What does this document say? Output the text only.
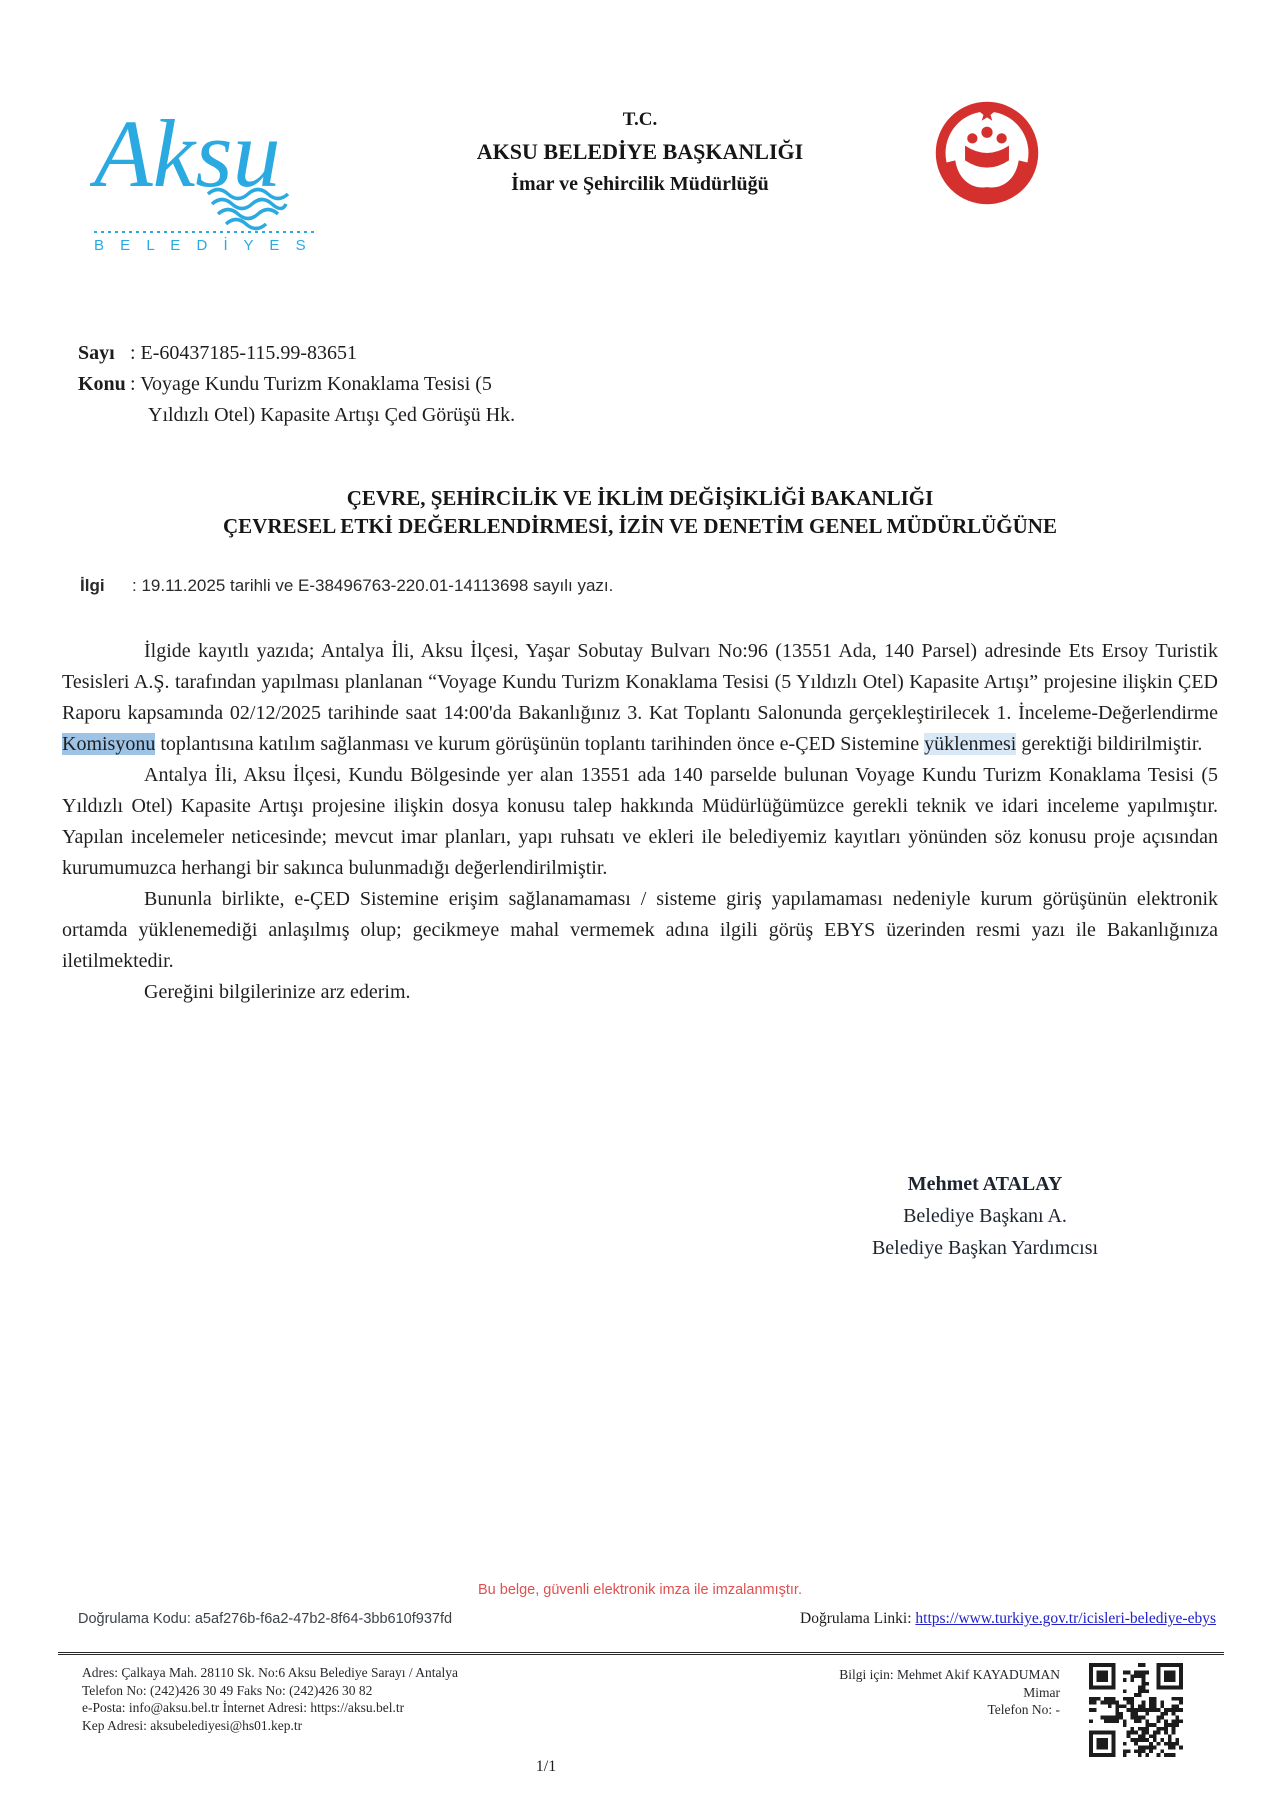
Aksu
B E L E D İ Y E S İ
T.C.
AKSU BELEDİYE BAŞKANLIĞI
İmar ve Şehircilik Müdürlüğü
Sayı : E-60437185-115.99-83651
Konu : Voyage Kundu Turizm Konaklama Tesisi (5
Yıldızlı Otel) Kapasite Artışı Çed Görüşü Hk.
ÇEVRE, ŞEHİRCİLİK VE İKLİM DEĞİŞİKLİĞİ BAKANLIĞI
ÇEVRESEL ETKİ DEĞERLENDİRMESİ, İZİN VE DENETİM GENEL MÜDÜRLÜĞÜNE
İlgi	: 19.11.2025 tarihli ve E-38496763-220.01-14113698 sayılı yazı.

İlgide kayıtlı yazıda; Antalya İli, Aksu İlçesi, Yaşar Sobutay Bulvarı No:96 (13551 Ada, 140 Parsel) adresinde Ets Ersoy Turistik Tesisleri A.Ş. tarafından yapılması planlanan “Voyage Kundu Turizm Konaklama Tesisi (5 Yıldızlı Otel) Kapasite Artışı” projesine ilişkin ÇED Raporu kapsamında 02/12/2025 tarihinde saat 14:00'da Bakanlığınız 3. Kat Toplantı Salonunda gerçekleştirilecek 1. İnceleme-Değerlendirme Komisyonu toplantısına katılım sağlanması ve kurum görüşünün toplantı tarihinden önce e-ÇED Sistemine yüklenmesi gerektiği bildirilmiştir.

Antalya İli, Aksu İlçesi, Kundu Bölgesinde yer alan 13551 ada 140 parselde bulunan Voyage Kundu Turizm Konaklama Tesisi (5 Yıldızlı Otel) Kapasite Artışı projesine ilişkin dosya konusu talep hakkında Müdürlüğümüzce gerekli teknik ve idari inceleme yapılmıştır. Yapılan incelemeler neticesinde; mevcut imar planları, yapı ruhsatı ve ekleri ile belediyemiz kayıtları yönünden söz konusu proje açısından kurumumuzca herhangi bir sakınca bulunmadığı değerlendirilmiştir.

Bununla birlikte, e-ÇED Sistemine erişim sağlanamaması / sisteme giriş yapılamaması nedeniyle kurum görüşünün elektronik ortamda yüklenemediği anlaşılmış olup; gecikmeye mahal vermemek adına ilgili görüş EBYS üzerinden resmi yazı ile Bakanlığınıza iletilmektedir.

Gereğini bilgilerinize arz ederim.

Mehmet ATALAY
Belediye Başkanı A.
Belediye Başkan Yardımcısı
Bu belge, güvenli elektronik imza ile imzalanmıştır.
Doğrulama Kodu: a5af276b-f6a2-47b2-8f64-3bb610f937fd	Doğrulama Linki: https://www.turkiye.gov.tr/icisleri-belediye-ebys
Adres: Çalkaya Mah. 28110 Sk. No:6 Aksu Belediye Sarayı / Antalya
Telefon No: (242)426 30 49 Faks No: (242)426 30 82
e-Posta: info@aksu.bel.tr İnternet Adresi: https://aksu.bel.tr
Kep Adresi: aksubelediyesi@hs01.kep.tr
Bilgi için: Mehmet Akif KAYADUMAN
Mimar
Telefon No: -
1/1
